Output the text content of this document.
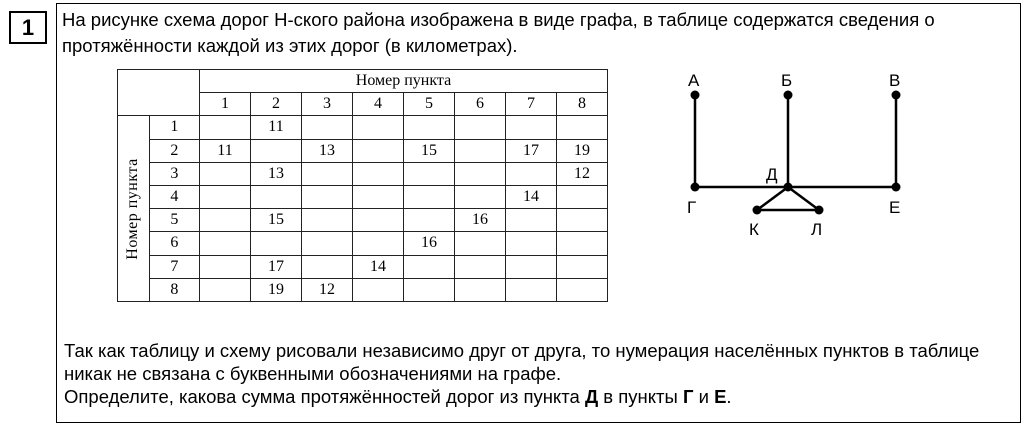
1	На рисунке схема дорог Н-ского района изображена в виде графа, в таблице содержатся сведения о протяжённости каждой из этих дорог (в километрах).
		Номер пункта							
		1	2	3	4	5	6	7	8

Номер пункта	1		11						
	2	11		13		15		17	19
	3		13						12
	4							14	
	5		15				16		
	6					16			
	7		17		14				
	8		19	12					
А	Б	В
Д
Г	Е
К	Л
Так как таблицу и схему рисовали независимо друг от друга, то нумерация населённых пунктов в таблице никак не связана с буквенными обозначениями на графе.
Определите, какова сумма протяжённостей дорог из пункта Д в пункты Г и Е.
